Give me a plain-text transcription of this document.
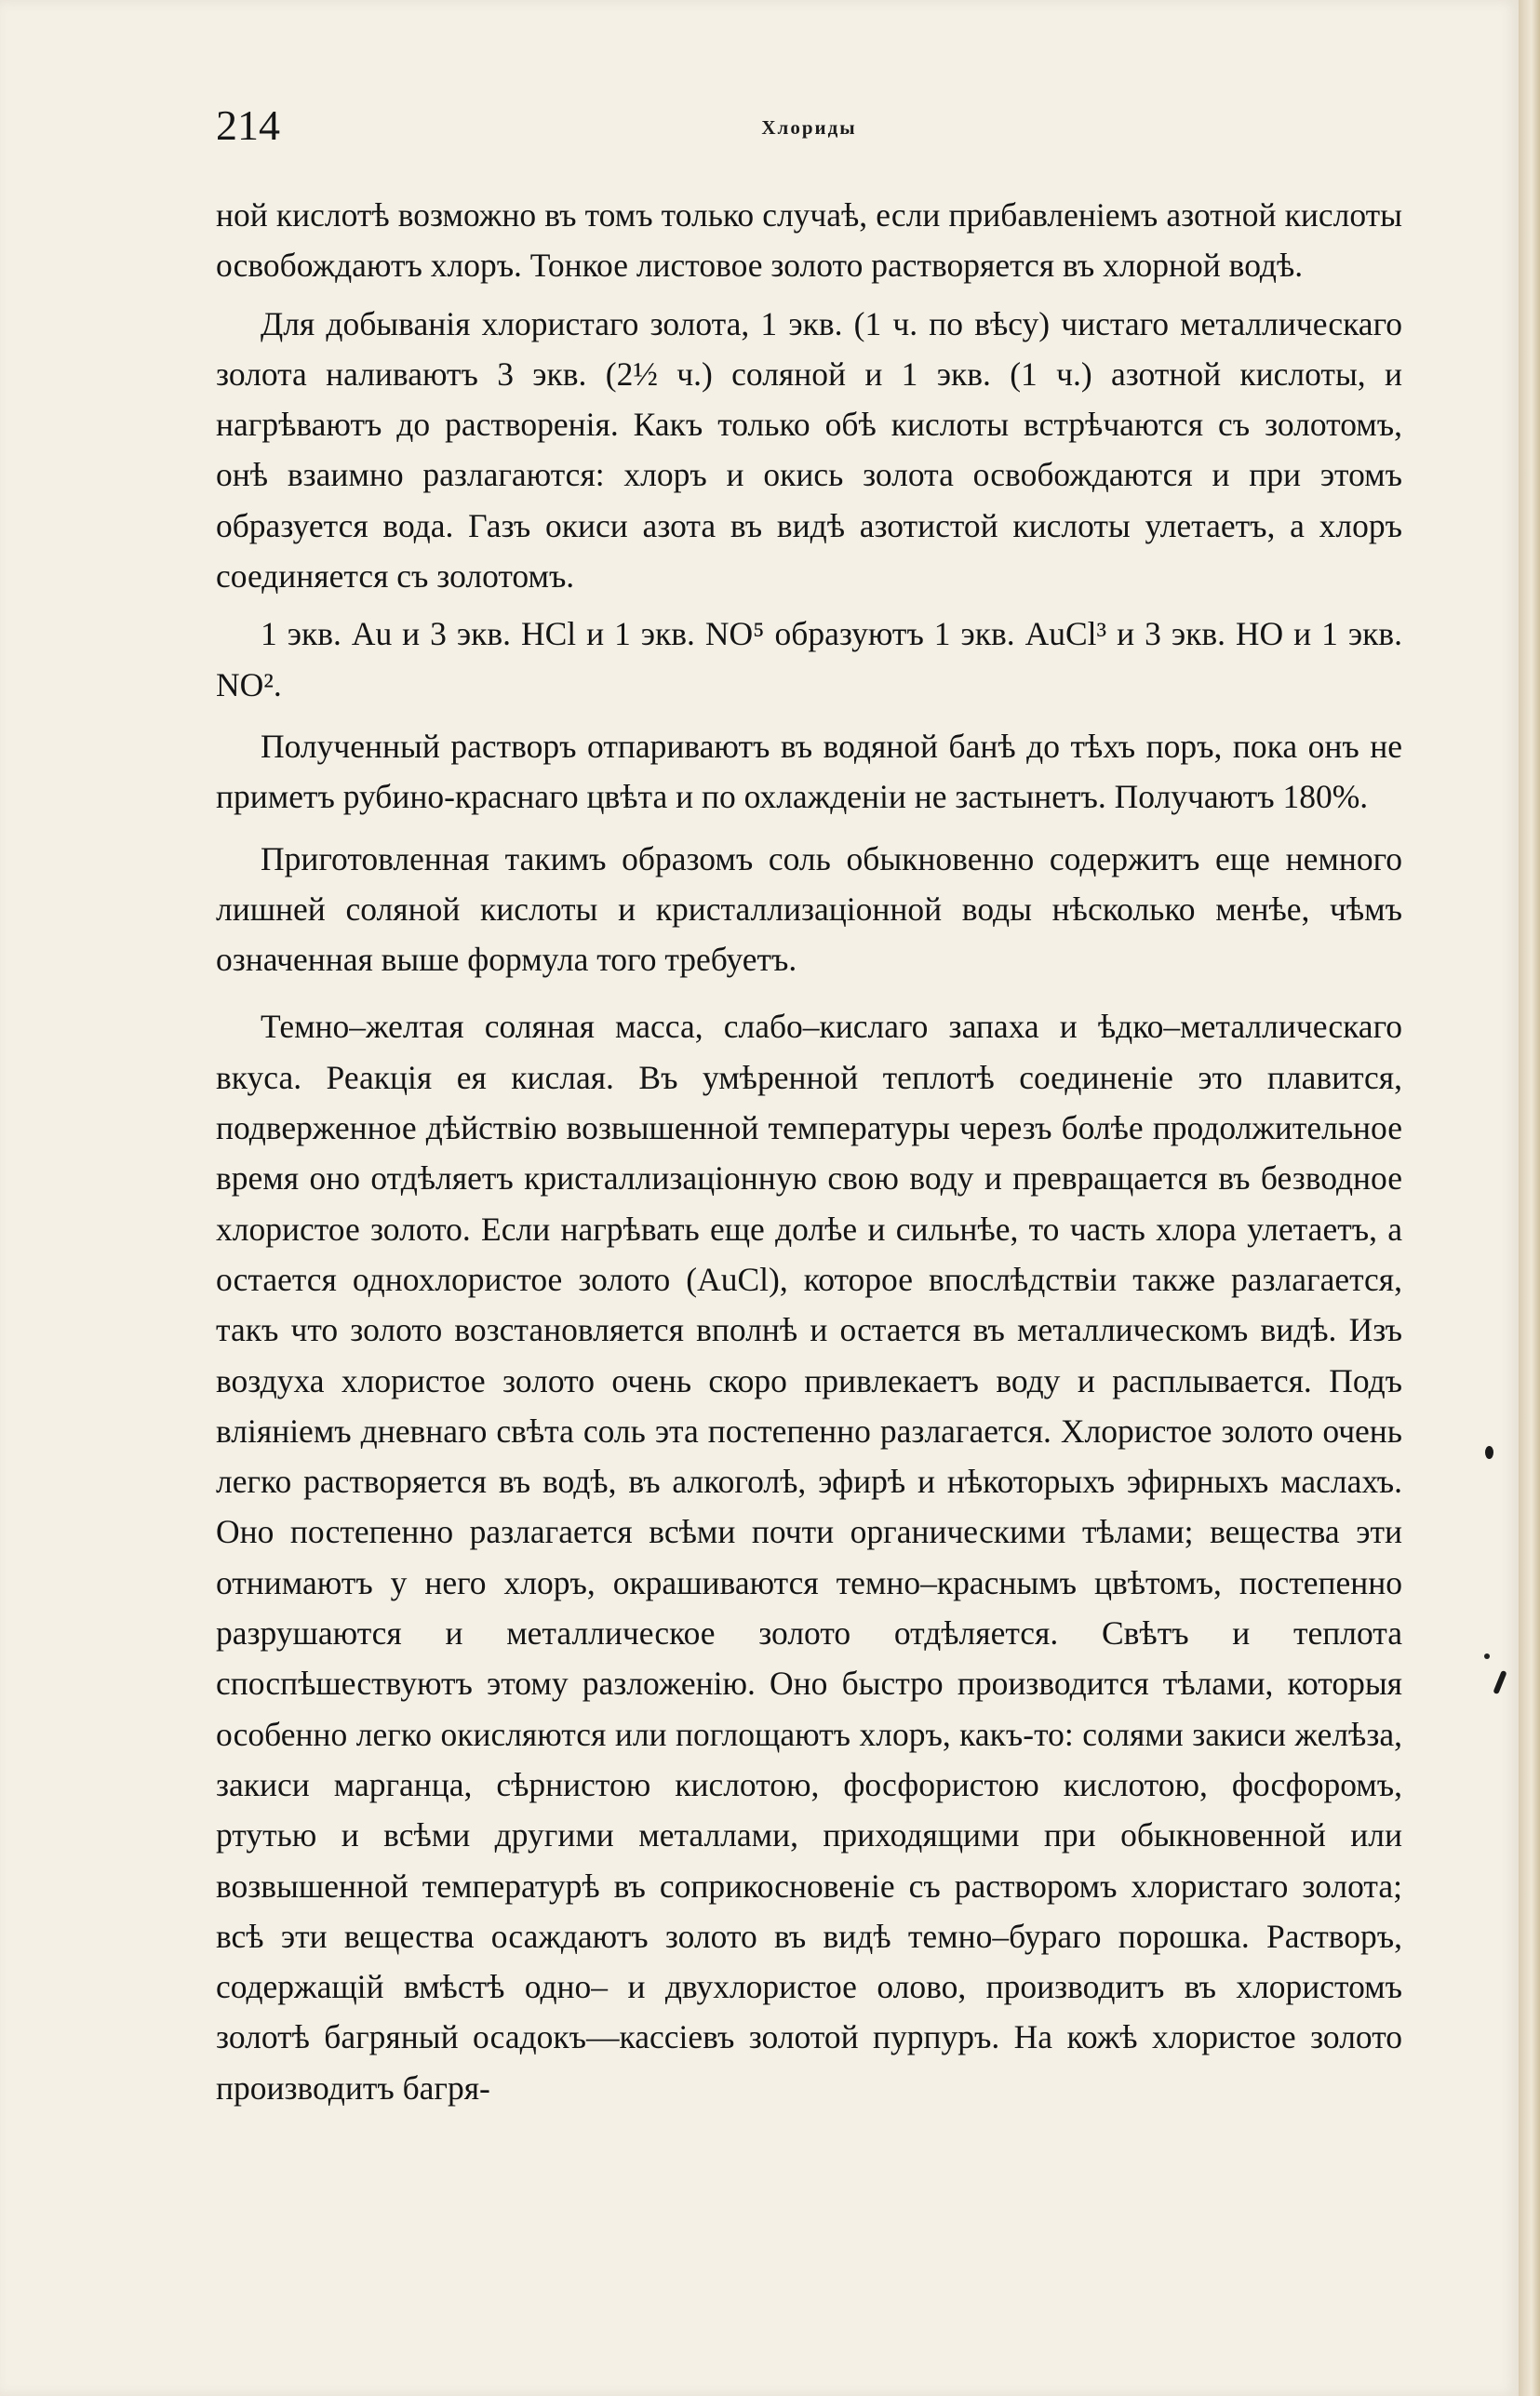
214	Хлориды

ной кислотѣ возможно въ томъ только случаѣ, если прибавленіемъ азотной кислоты освобождаютъ хлоръ. Тонкое листовое золото растворяется въ хлорной водѣ.

Для добыванія хлористаго золота, 1 экв. (1 ч. по вѣсу) чистаго металлическаго золота наливаютъ 3 экв. (2½ ч.) соляной и 1 экв. (1 ч.) азотной кислоты, и нагрѣваютъ до растворенія. Какъ только обѣ кислоты встрѣчаются съ золотомъ, онѣ взаимно разлагаются: хлоръ и окись золота освобождаются и при этомъ образуется вода. Газъ окиси азота въ видѣ азотистой кислоты улетаетъ, а хлоръ соединяется съ золотомъ.

1 экв. Au и 3 экв. HCl и 1 экв. NO⁵ образуютъ 1 экв. AuCl³ и 3 экв. HO и 1 экв. NO².

Полученный растворъ отпариваютъ въ водяной банѣ до тѣхъ поръ, пока онъ не приметъ рубино-краснаго цвѣта и по охлажденіи не застынетъ. Получаютъ 180%.

Приготовленная такимъ образомъ соль обыкновенно содержитъ еще немного лишней соляной кислоты и кристаллизаціонной воды нѣсколько менѣе, чѣмъ означенная выше формула того требуетъ.

Темно–желтая соляная масса, слабо–кислаго запаха и ѣдко–металлическаго вкуса. Реакція ея кислая. Въ умѣренной теплотѣ соединеніе это плавится, подверженное дѣйствію возвышенной температуры черезъ болѣе продолжительное время оно отдѣляетъ кристаллизаціонную свою воду и превращается въ безводное хлористое золото. Если нагрѣвать еще долѣе и сильнѣе, то часть хлора улетаетъ, а остается однохлористое золото (AuCl), которое впослѣдствіи также разлагается, такъ что золото возстановляется вполнѣ и остается въ металлическомъ видѣ. Изъ воздуха хлористое золото очень скоро привлекаетъ воду и расплывается. Подъ вліяніемъ дневнаго свѣта соль эта постепенно разлагается. Хлористое золото очень легко растворяется въ водѣ, въ алкоголѣ, эфирѣ и нѣкоторыхъ эфирныхъ маслахъ. Оно постепенно разлагается всѣми почти органическими тѣлами; вещества эти отнимаютъ у него хлоръ, окрашиваются темно–краснымъ цвѣтомъ, постепенно разрушаются и металлическое золото отдѣляется. Свѣтъ и теплота споспѣшествуютъ этому разложенію. Оно быстро производится тѣлами, которыя особенно легко окисляются или поглощаютъ хлоръ, какъ-то: солями закиси желѣза, закиси марганца, сѣрнистою кислотою, фосфористою кислотою, фосфоромъ, ртутью и всѣми другими металлами, приходящими при обыкновенной или возвышенной температурѣ въ соприкосновеніе съ растворомъ хлористаго золота; всѣ эти вещества осаждаютъ золото въ видѣ темно–бураго порошка. Растворъ, содержащій вмѣстѣ одно– и двухлористое олово, производитъ въ хлористомъ золотѣ багряный осадокъ—кассіевъ золотой пурпуръ. На кожѣ хлористое золото производитъ багря-
